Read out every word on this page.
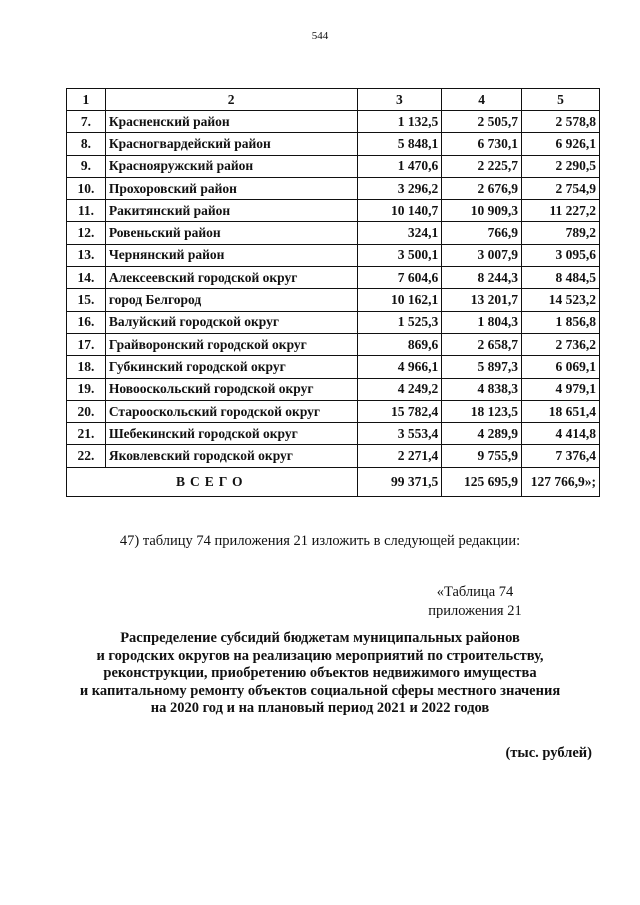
544
1	2	3	4	5
7.	Красненский район	1 132,5	2 505,7	2 578,8
8.	Красногвардейский район	5 848,1	6 730,1	6 926,1
9.	Краснояружский район	1 470,6	2 225,7	2 290,5
10.	Прохоровский район	3 296,2	2 676,9	2 754,9
11.	Ракитянский район	10 140,7	10 909,3	11 227,2
12.	Ровеньский район	324,1	766,9	789,2
13.	Чернянский район	3 500,1	3 007,9	3 095,6
14.	Алексеевский городской округ	7 604,6	8 244,3	8 484,5
15.	город Белгород	10 162,1	13 201,7	14 523,2
16.	Валуйский городской округ	1 525,3	1 804,3	1 856,8
17.	Грайворонский городской округ	869,6	2 658,7	2 736,2
18.	Губкинский городской округ	4 966,1	5 897,3	6 069,1
19.	Новооскольский городской округ	4 249,2	4 838,3	4 979,1
20.	Старооскольский городской округ	15 782,4	18 123,5	18 651,4
21.	Шебекинский городской округ	3 553,4	4 289,9	4 414,8
22.	Яковлевский городской округ	2 271,4	9 755,9	7 376,4
ВСЕГО		99 371,5	125 695,9	127 766,9»;
47) таблицу 74 приложения 21 изложить в следующей редакции:
«Таблица 74
приложения 21
Распределение субсидий бюджетам муниципальных районов
и городских округов на реализацию мероприятий по строительству,
реконструкции, приобретению объектов недвижимого имущества
и капитальному ремонту объектов социальной сферы местного значения
на 2020 год и на плановый период 2021 и 2022 годов
(тыс. рублей)
